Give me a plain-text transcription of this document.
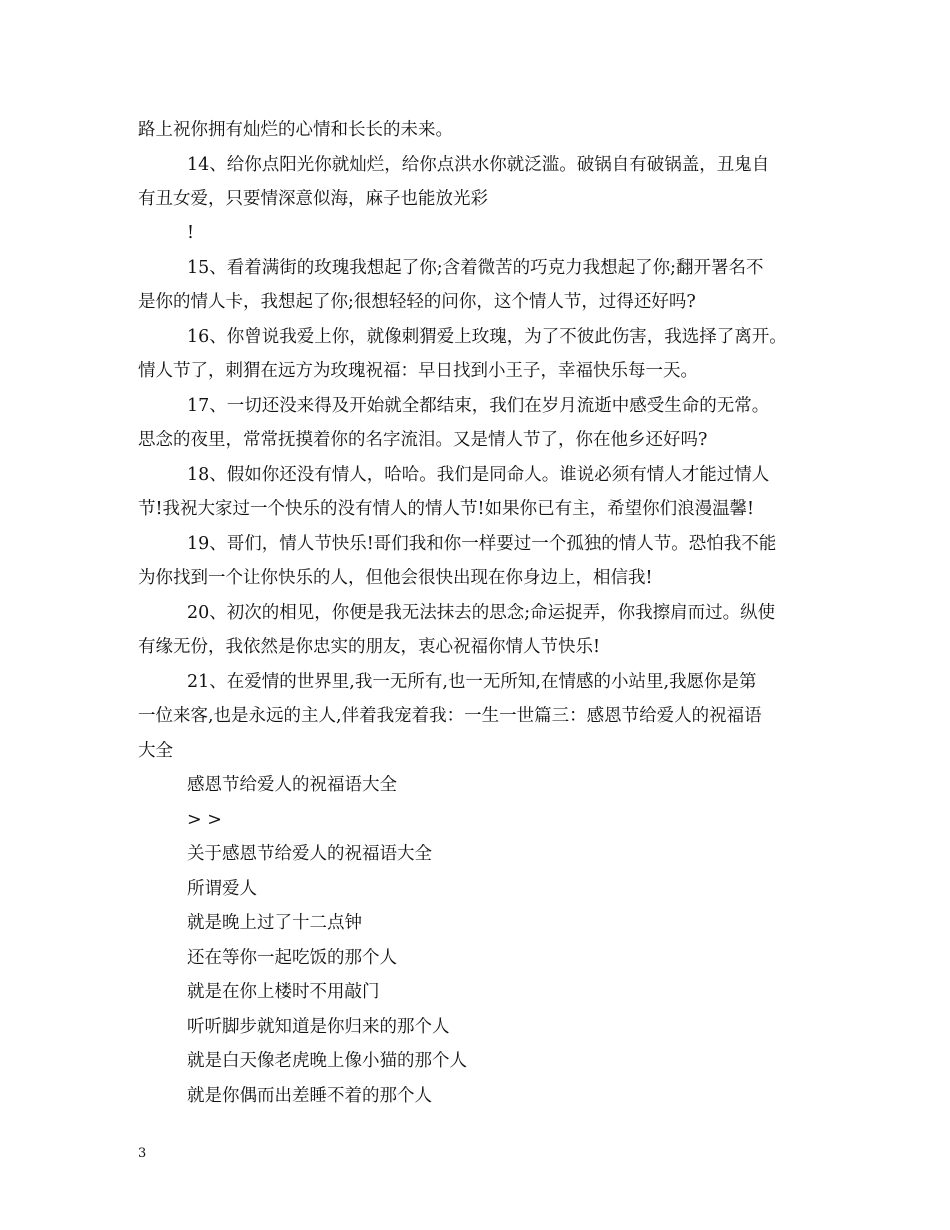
路上祝你拥有灿烂的心情和长长的未来。
14、给你点阳光你就灿烂，给你点洪水你就泛滥。破锅自有破锅盖，丑鬼自
有丑女爱，只要情深意似海，麻子也能放光彩
!
15、看着满街的玫瑰我想起了你;含着微苦的巧克力我想起了你;翻开署名不
是你的情人卡，我想起了你;很想轻轻的问你，这个情人节，过得还好吗?
16、你曾说我爱上你，就像刺猬爱上玫瑰，为了不彼此伤害，我选择了离开。
情人节了，刺猬在远方为玫瑰祝福：早日找到小王子，幸福快乐每一天。
17、一切还没来得及开始就全都结束，我们在岁月流逝中感受生命的无常。
思念的夜里，常常抚摸着你的名字流泪。又是情人节了，你在他乡还好吗?
18、假如你还没有情人，哈哈。我们是同命人。谁说必须有情人才能过情人
节!我祝大家过一个快乐的没有情人的情人节!如果你已有主，希望你们浪漫温馨!
19、哥们，情人节快乐!哥们我和你一样要过一个孤独的情人节。恐怕我不能
为你找到一个让你快乐的人，但他会很快出现在你身边上，相信我!
20、初次的相见，你便是我无法抹去的思念;命运捉弄，你我擦肩而过。纵使
有缘无份，我依然是你忠实的朋友，衷心祝福你情人节快乐!
21、在爱情的世界里,我一无所有,也一无所知,在情感的小站里,我愿你是第
一位来客,也是永远的主人,伴着我宠着我：一生一世篇三：感恩节给爱人的祝福语
大全
感恩节给爱人的祝福语大全
> >
关于感恩节给爱人的祝福语大全
所谓爱人
就是晚上过了十二点钟
还在等你一起吃饭的那个人
就是在你上楼时不用敲门
听听脚步就知道是你归来的那个人
就是白天像老虎晚上像小猫的那个人
就是你偶而出差睡不着的那个人
3
